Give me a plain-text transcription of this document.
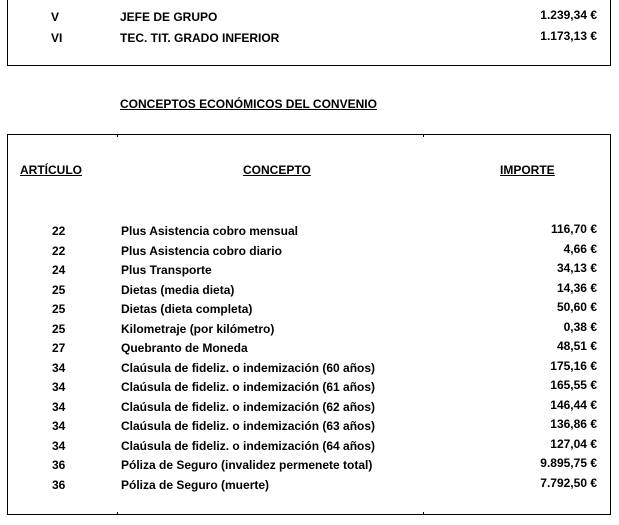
V	JEFE DE GRUPO	1.239,34 €
VI	TEC. TIT. GRADO INFERIOR	1.173,13 €
CONCEPTOS ECONÓMICOS DEL CONVENIO
ARTÍCULO	CONCEPTO	IMPORTE
22	Plus Asistencia cobro mensual	116,70 €
22	Plus Asistencia cobro diario	4,66 €
24	Plus Transporte	34,13 €
25	Dietas (media dieta)	14,36 €
25	Dietas (dieta completa)	50,60 €
25	Kilometraje (por kilómetro)	0,38 €
27	Quebranto de Moneda	48,51 €
34	Claúsula de fideliz. o indemización (60 años)	175,16 €
34	Claúsula de fideliz. o indemización (61 años)	165,55 €
34	Claúsula de fideliz. o indemización (62 años)	146,44 €
34	Claúsula de fideliz. o indemización (63 años)	136,86 €
34	Claúsula de fideliz. o indemización (64 años)	127,04 €
36	Póliza de Seguro (invalidez permenete total)	9.895,75 €
36	Póliza de Seguro (muerte)	7.792,50 €
